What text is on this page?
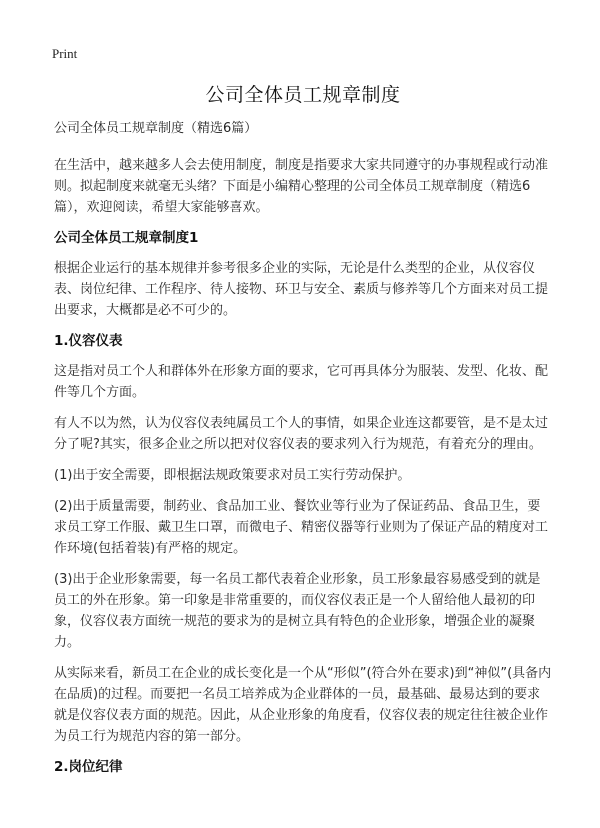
Print
公司全体员工规章制度
公司全体员工规章制度（精选6篇）

在生活中，越来越多人会去使用制度，制度是指要求大家共同遵守的办事规程或行动准则。拟起制度来就毫无头绪？下面是小编精心整理的公司全体员工规章制度（精选6篇），欢迎阅读，希望大家能够喜欢。

公司全体员工规章制度1

根据企业运行的基本规律并参考很多企业的实际，无论是什么类型的企业，从仪容仪表、岗位纪律、工作程序、待人接物、环卫与安全、素质与修养等几个方面来对员工提出要求，大概都是必不可少的。

1.仪容仪表

这是指对员工个人和群体外在形象方面的要求，它可再具体分为服装、发型、化妆、配件等几个方面。

有人不以为然，认为仪容仪表纯属员工个人的事情，如果企业连这都要管，是不是太过分了呢?其实，很多企业之所以把对仪容仪表的要求列入行为规范，有着充分的理由。

(1)出于安全需要，即根据法规政策要求对员工实行劳动保护。

(2)出于质量需要，制药业、食品加工业、餐饮业等行业为了保证药品、食品卫生，要求员工穿工作服、戴卫生口罩，而微电子、精密仪器等行业则为了保证产品的精度对工作环境(包括着装)有严格的规定。

(3)出于企业形象需要，每一名员工都代表着企业形象，员工形象最容易感受到的就是员工的外在形象。第一印象是非常重要的，而仪容仪表正是一个人留给他人最初的印象，仪容仪表方面统一规范的要求为的是树立具有特色的企业形象，增强企业的凝聚力。

从实际来看，新员工在企业的成长变化是一个从“形似”(符合外在要求)到“神似”(具备内在品质)的过程。而要把一名员工培养成为企业群体的一员，最基础、最易达到的要求就是仪容仪表方面的规范。因此，从企业形象的角度看，仪容仪表的规定往往被企业作为员工行为规范内容的第一部分。

2.岗位纪律
